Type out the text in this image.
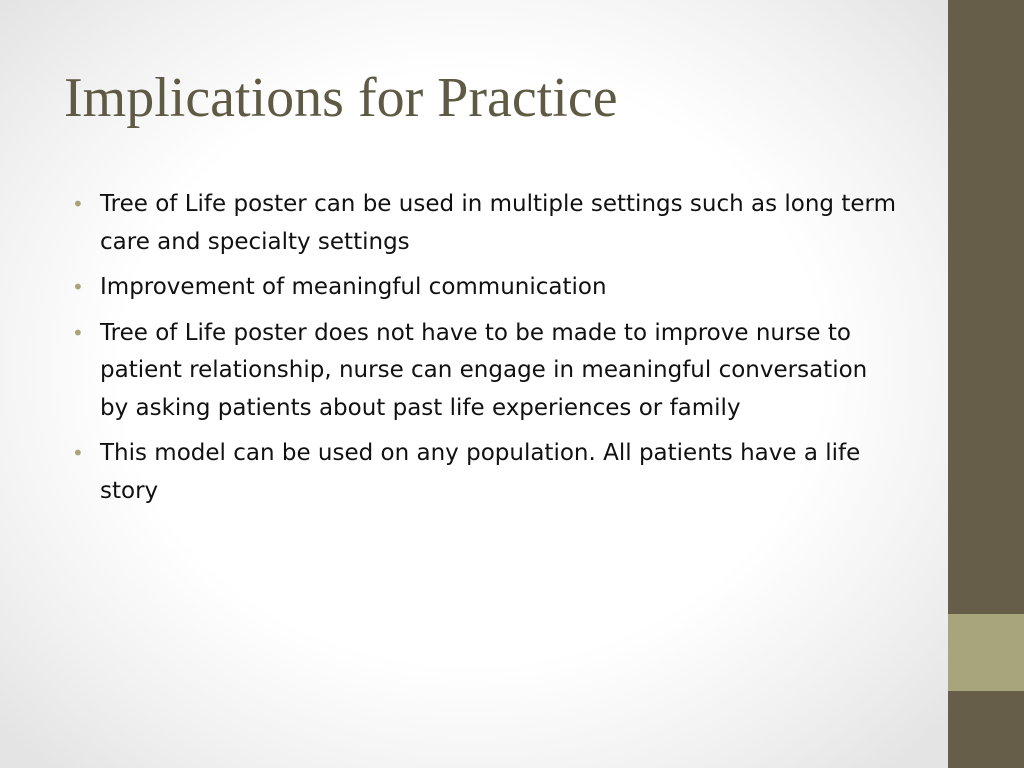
Implications for Practice
• Tree of Life poster can be used in multiple settings such as long term care and specialty settings
• Improvement of meaningful communication
• Tree of Life poster does not have to be made to improve nurse to patient relationship, nurse can engage in meaningful conversation by asking patients about past life experiences or family
• This model can be used on any population. All patients have a life story
